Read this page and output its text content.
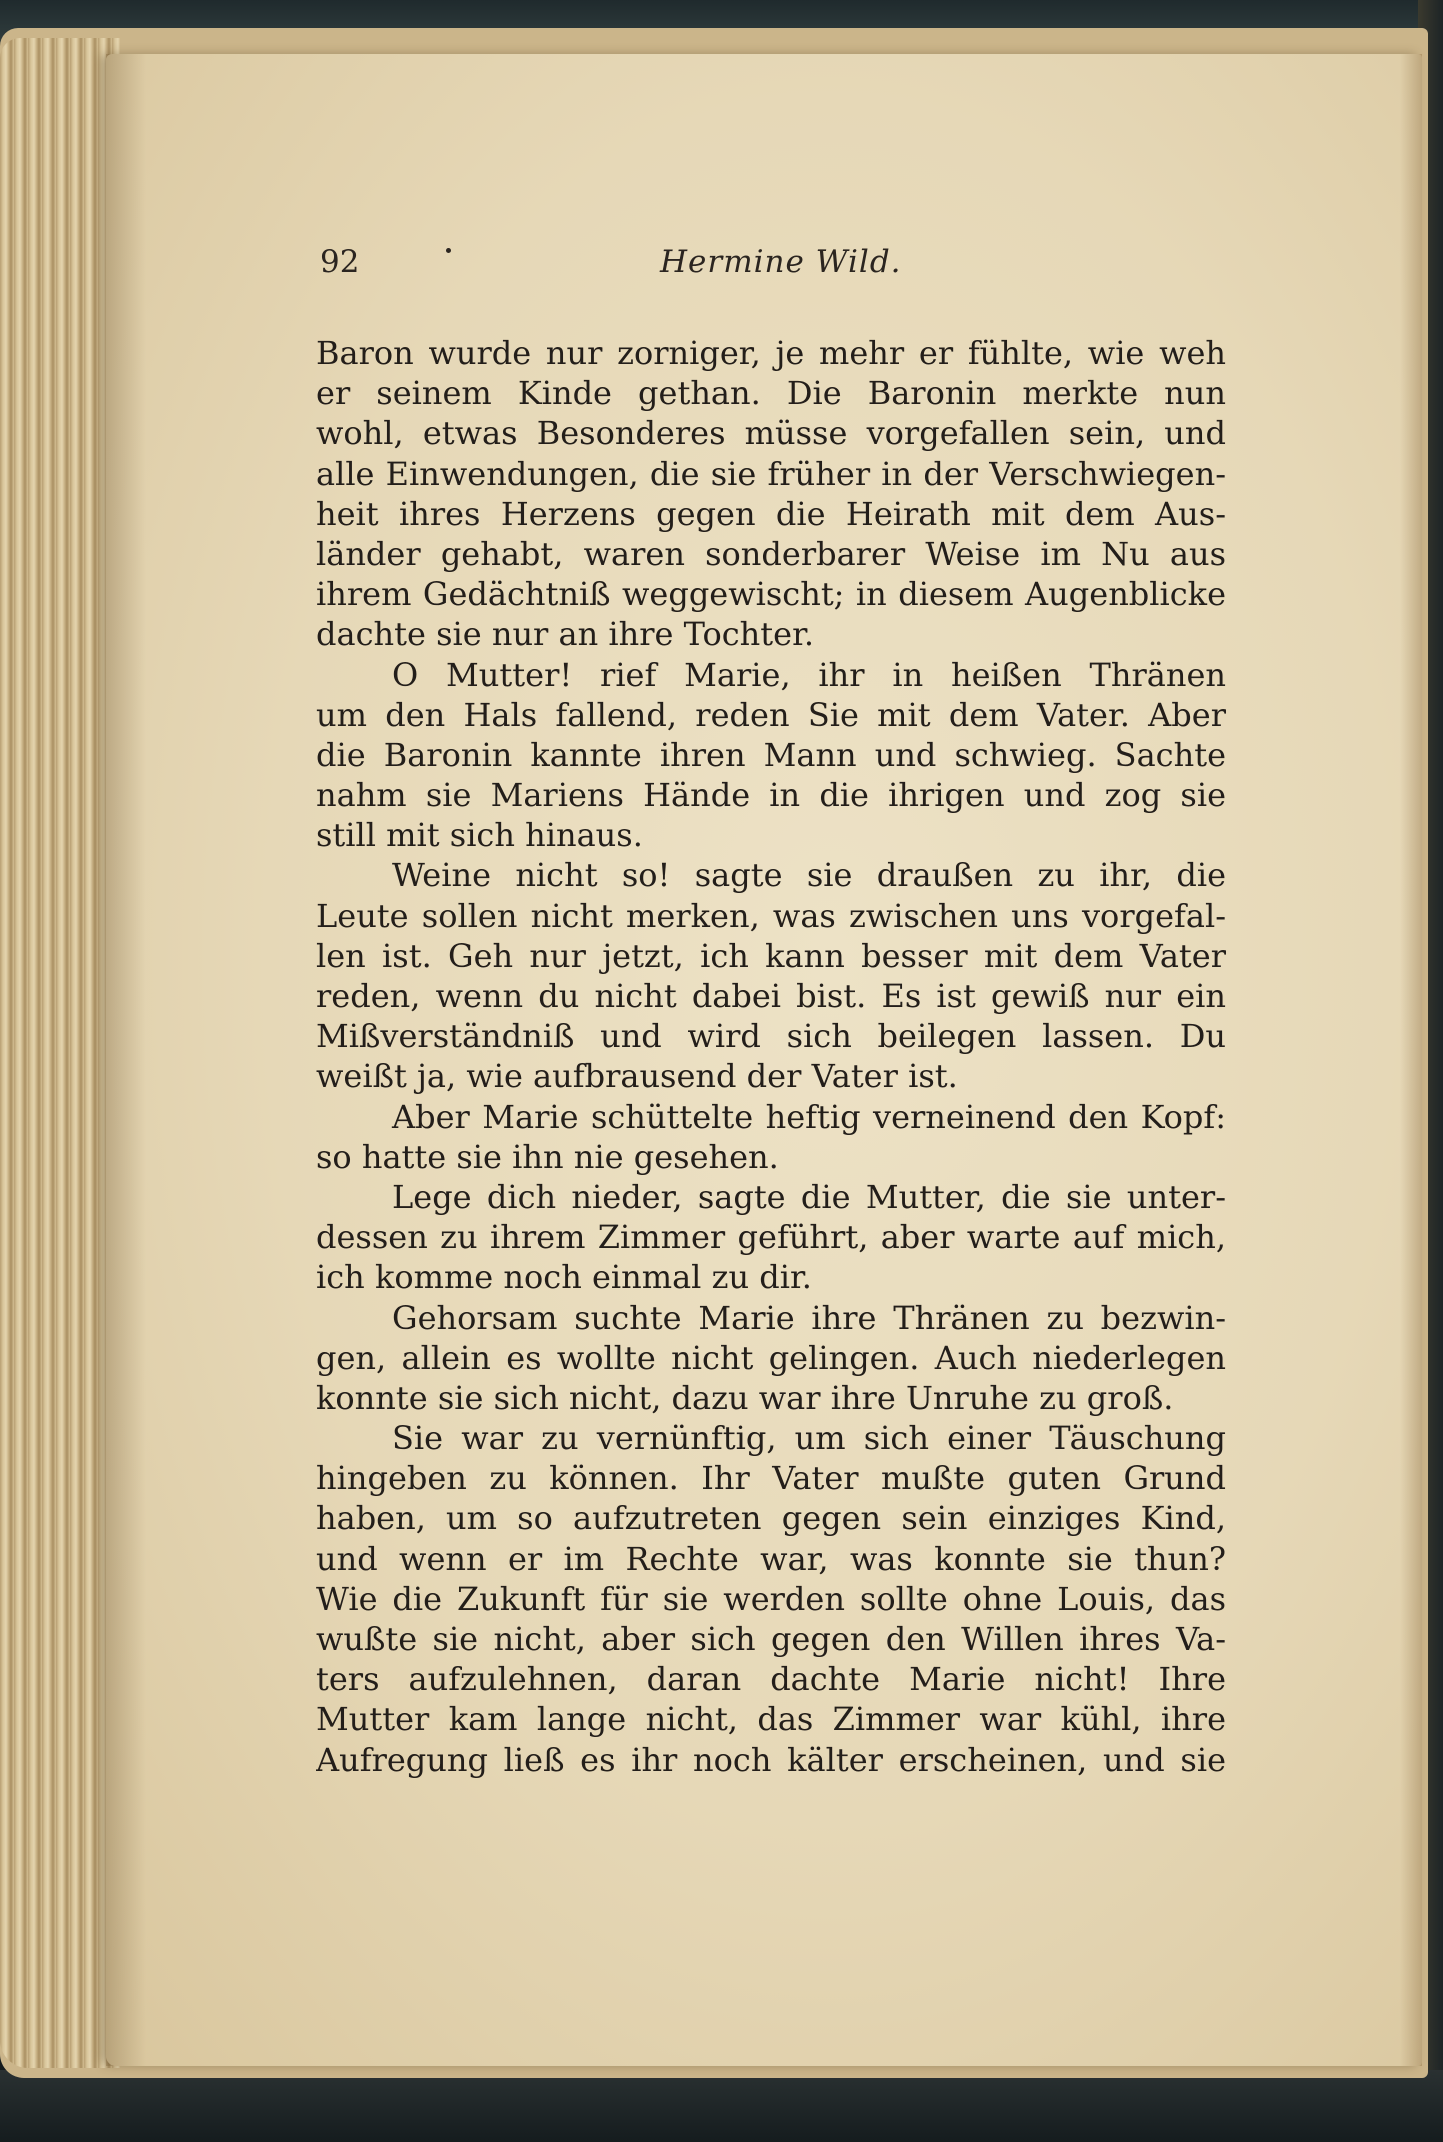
92	Hermine Wild.
Baron wurde nur zorniger, je mehr er fühlte, wie weh
er seinem Kinde gethan. Die Baronin merkte nun
wohl, etwas Besonderes müsse vorgefallen sein, und
alle Einwendungen, die sie früher in der Verschwiegen-
heit ihres Herzens gegen die Heirath mit dem Aus-
länder gehabt, waren sonderbarer Weise im Nu aus
ihrem Gedächtniß weggewischt; in diesem Augenblicke
dachte sie nur an ihre Tochter.
O Mutter! rief Marie, ihr in heißen Thränen
um den Hals fallend, reden Sie mit dem Vater. Aber
die Baronin kannte ihren Mann und schwieg. Sachte
nahm sie Mariens Hände in die ihrigen und zog sie
still mit sich hinaus.
Weine nicht so! sagte sie draußen zu ihr, die
Leute sollen nicht merken, was zwischen uns vorgefal-
len ist. Geh nur jetzt, ich kann besser mit dem Vater
reden, wenn du nicht dabei bist. Es ist gewiß nur ein
Mißverständniß und wird sich beilegen lassen. Du
weißt ja, wie aufbrausend der Vater ist.
Aber Marie schüttelte heftig verneinend den Kopf:
so hatte sie ihn nie gesehen.
Lege dich nieder, sagte die Mutter, die sie unter-
dessen zu ihrem Zimmer geführt, aber warte auf mich,
ich komme noch einmal zu dir.
Gehorsam suchte Marie ihre Thränen zu bezwin-
gen, allein es wollte nicht gelingen. Auch niederlegen
konnte sie sich nicht, dazu war ihre Unruhe zu groß.
Sie war zu vernünftig, um sich einer Täuschung
hingeben zu können. Ihr Vater mußte guten Grund
haben, um so aufzutreten gegen sein einziges Kind,
und wenn er im Rechte war, was konnte sie thun?
Wie die Zukunft für sie werden sollte ohne Louis, das
wußte sie nicht, aber sich gegen den Willen ihres Va-
ters aufzulehnen, daran dachte Marie nicht! Ihre
Mutter kam lange nicht, das Zimmer war kühl, ihre
Aufregung ließ es ihr noch kälter erscheinen, und sie
